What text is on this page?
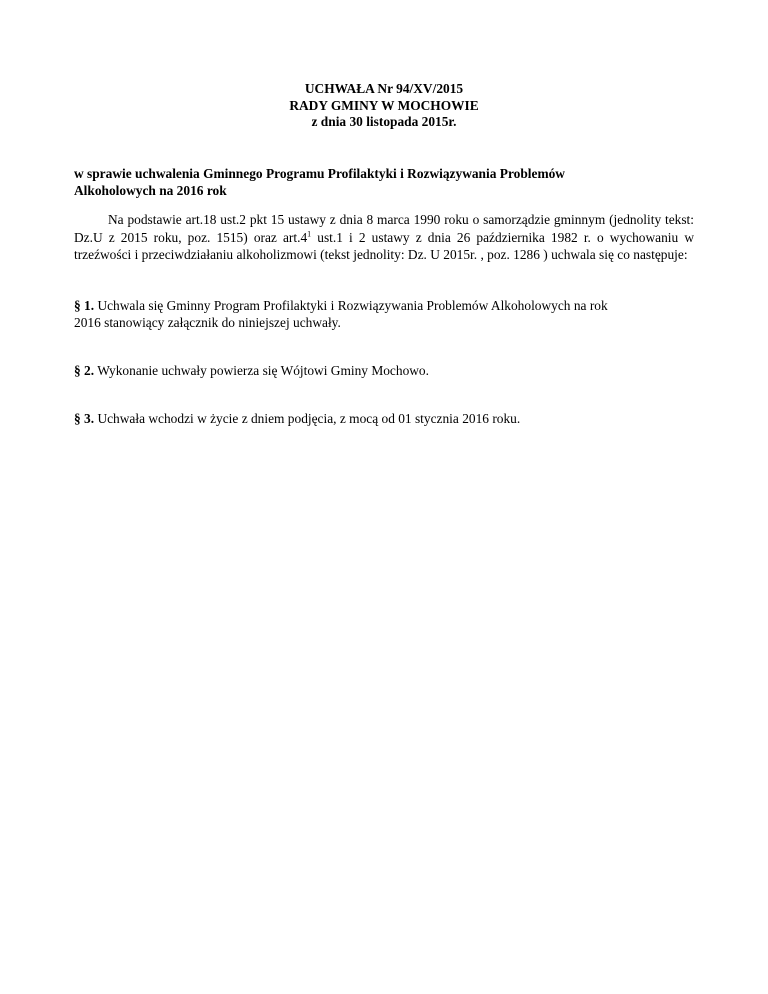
UCHWAŁA Nr 94/XV/2015
RADY GMINY W MOCHOWIE
z dnia 30 listopada 2015r.
w sprawie uchwalenia Gminnego Programu Profilaktyki i Rozwiązywania Problemów
Alkoholowych na 2016 rok
Na podstawie art.18 ust.2 pkt 15 ustawy z dnia 8 marca 1990 roku o samorządzie gminnym (jednolity tekst: Dz.U z 2015 roku, poz. 1515) oraz $art.4^1$ ust.1 i 2 ustawy z dnia 26 października 1982 r. o wychowaniu w trzeźwości i przeciwdziałaniu alkoholizmowi (tekst jednolity: Dz. U 2015r. , poz. 1286 ) uchwala się co następuje:
§ 1. Uchwala się Gminny Program Profilaktyki i Rozwiązywania Problemów Alkoholowych na rok
2016 stanowiący załącznik do niniejszej uchwały.
§ 2. Wykonanie uchwały powierza się Wójtowi Gminy Mochowo.
§ 3. Uchwała wchodzi w życie z dniem podjęcia, z mocą od 01 stycznia 2016 roku.
